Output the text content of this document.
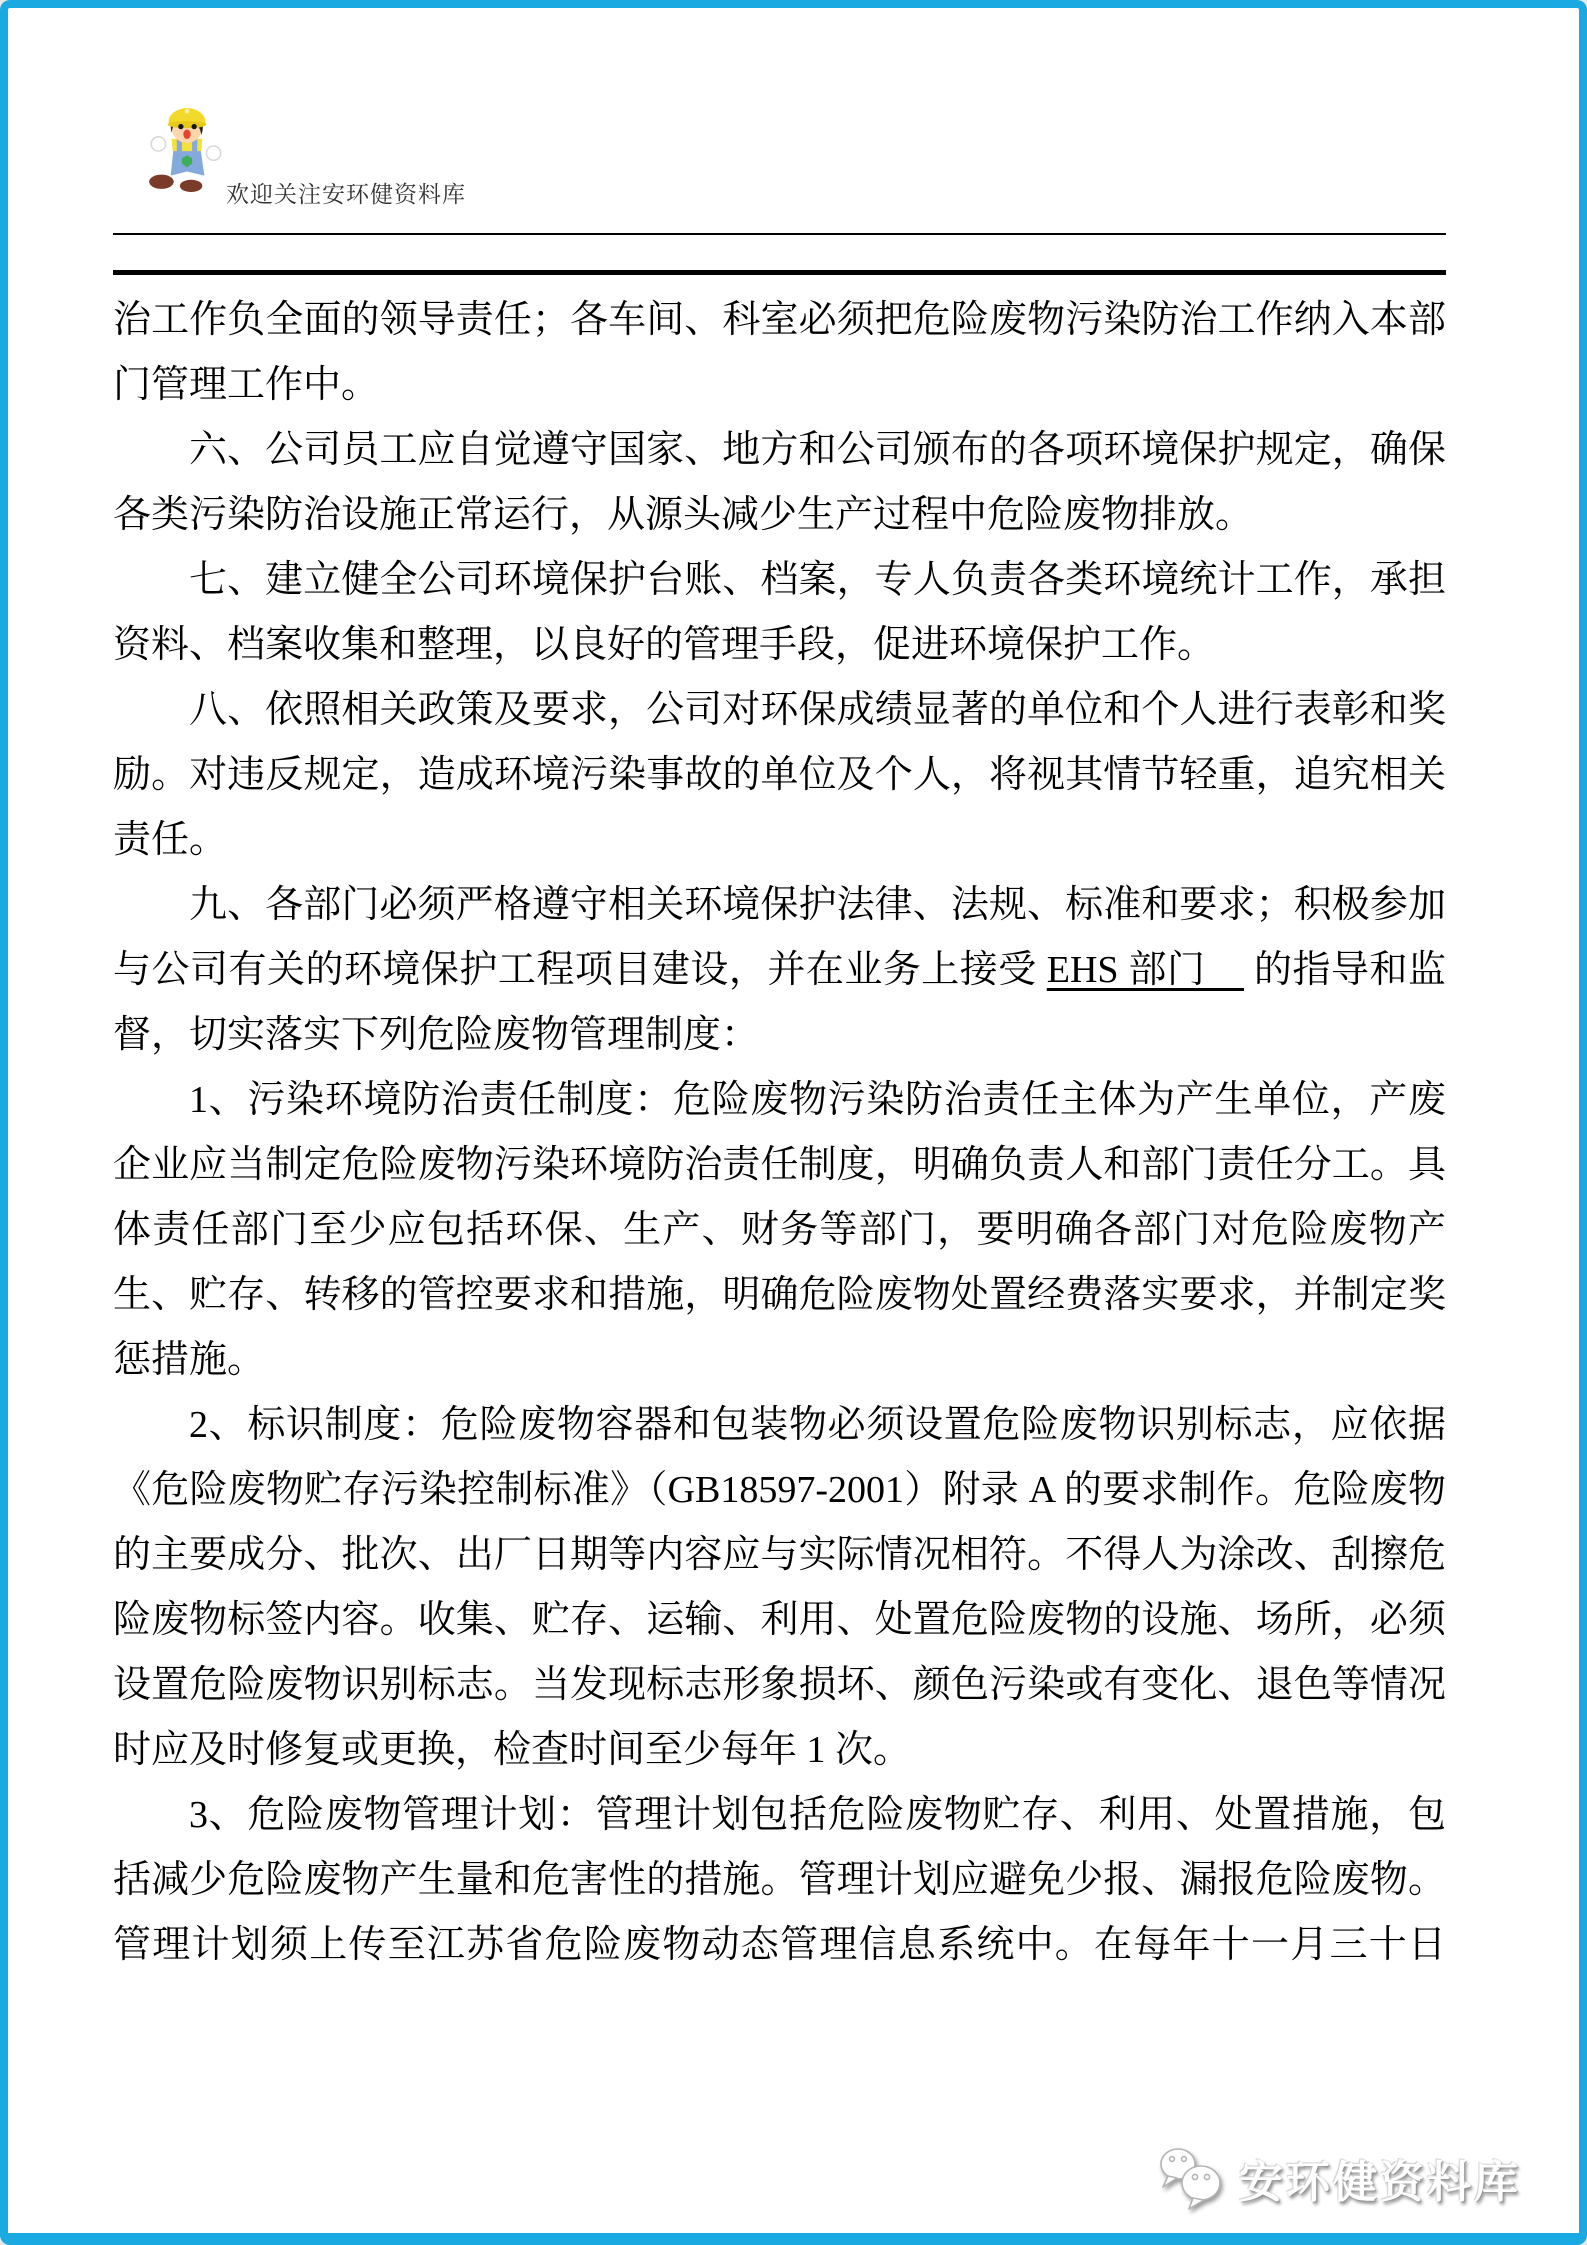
欢迎关注安环健资料库

治工作负全面的领导责任；各车间、科室必须把危险废物污染防治工作纳入本部门管理工作中。

六、公司员工应自觉遵守国家、地方和公司颁布的各项环境保护规定，确保各类污染防治设施正常运行，从源头减少生产过程中危险废物排放。

七、建立健全公司环境保护台账、档案，专人负责各类环境统计工作，承担资料、档案收集和整理，以良好的管理手段，促进环境保护工作。

八、依照相关政策及要求，公司对环保成绩显著的单位和个人进行表彰和奖励。对违反规定，造成环境污染事故的单位及个人，将视其情节轻重，追究相关责任。

九、各部门必须严格遵守相关环境保护法律、法规、标准和要求；积极参加与公司有关的环境保护工程项目建设，并在业务上接受 EHS 部门　 的指导和监督，切实落实下列危险废物管理制度：

1、污染环境防治责任制度：危险废物污染防治责任主体为产生单位，产废企业应当制定危险废物污染环境防治责任制度，明确负责人和部门责任分工。具体责任部门至少应包括环保、生产、财务等部门，要明确各部门对危险废物产生、贮存、转移的管控要求和措施，明确危险废物处置经费落实要求，并制定奖惩措施。

2、标识制度：危险废物容器和包装物必须设置危险废物识别标志，应依据《危险废物贮存污染控制标准》（GB18597-2001）附录 A 的要求制作。危险废物的主要成分、批次、出厂日期等内容应与实际情况相符。不得人为涂改、刮擦危险废物标签内容。收集、贮存、运输、利用、处置危险废物的设施、场所，必须设置危险废物识别标志。当发现标志形象损坏、颜色污染或有变化、退色等情况时应及时修复或更换，检查时间至少每年 1 次。

3、危险废物管理计划：管理计划包括危险废物贮存、利用、处置措施，包括减少危险废物产生量和危害性的措施。管理计划应避免少报、漏报危险废物。管理计划须上传至江苏省危险废物动态管理信息系统中。在每年十一月三十日

安环健资料库
